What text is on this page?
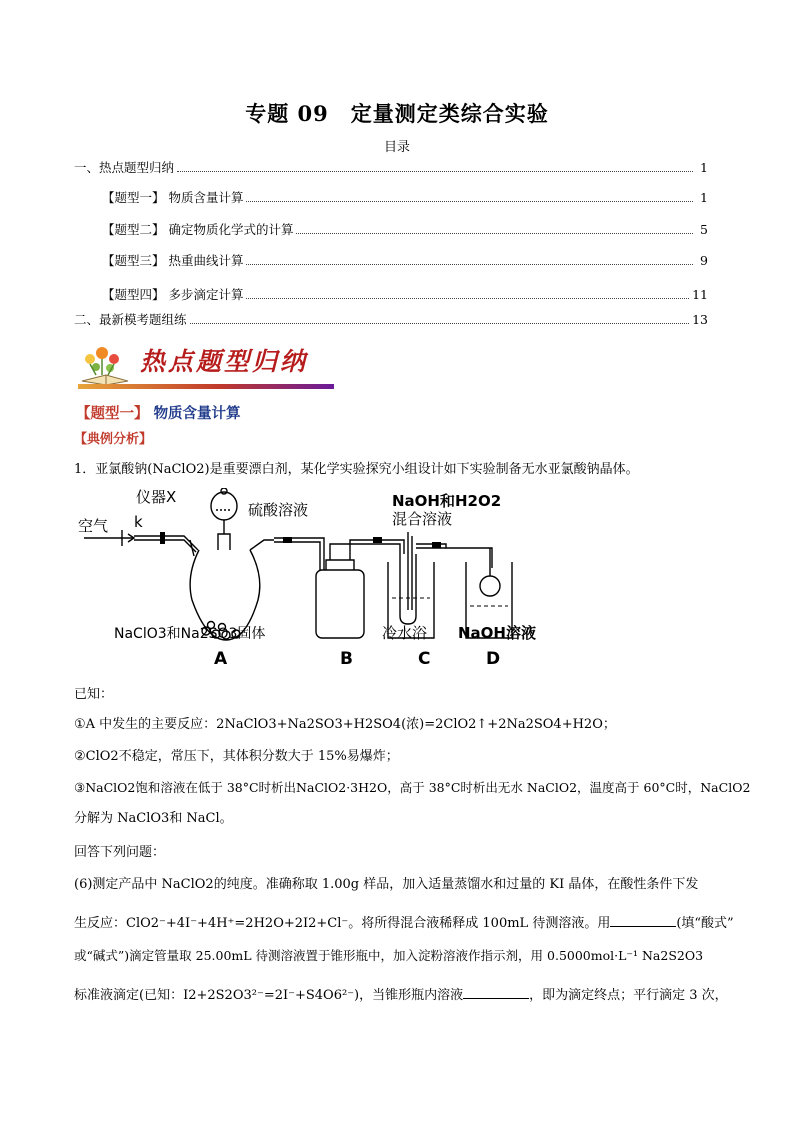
专题 09　定量测定类综合实验
目录
一、热点题型归纳	1
【题型一】 物质含量计算	1
【题型二】 确定物质化学式的计算	5
【题型三】 热重曲线计算	9
【题型四】 多步滴定计算	11
二、最新模考题组练	13
热点题型归纳
【题型一】 物质含量计算
【典例分析】
1．亚氯酸钠(NaClO2)是重要漂白剂，某化学实验探究小组设计如下实验制备无水亚氯酸钠晶体。
仪器X
硫酸溶液	NaOH和H2O2
混合溶液
空气 k
NaClO3和Na2SO3固体	冷水浴 NaOH溶液
A	B	C	D
已知：
①A 中发生的主要反应：2NaClO3+Na2SO3+H2SO4(浓)=2ClO2↑+2Na2SO4+H2O；
②ClO2不稳定，常压下，其体积分数大于 15%易爆炸；
③NaClO2饱和溶液在低于 38°C时析出NaClO2·3H2O，高于 38°C时析出无水 NaClO2，温度高于 60°C时，NaClO2
分解为 NaClO3和 NaCl。
回答下列问题：
(6)测定产品中 NaClO2的纯度。准确称取 1.00g 样品，加入适量蒸馏水和过量的 KI 晶体，在酸性条件下发
生反应：ClO2⁻+4I⁻+4H⁺=2H2O+2I2+Cl⁻。将所得混合液稀释成 100mL 待测溶液。用	(填“酸式”
或“碱式”)滴定管量取 25.00mL 待测溶液置于锥形瓶中，加入淀粉溶液作指示剂，用 0.5000mol·L⁻¹ Na2S2O3
标准液滴定(已知：I2+2S2O3²⁻=2I⁻+S4O6²⁻)，当锥形瓶内溶液	，即为滴定终点；平行滴定 3 次，
